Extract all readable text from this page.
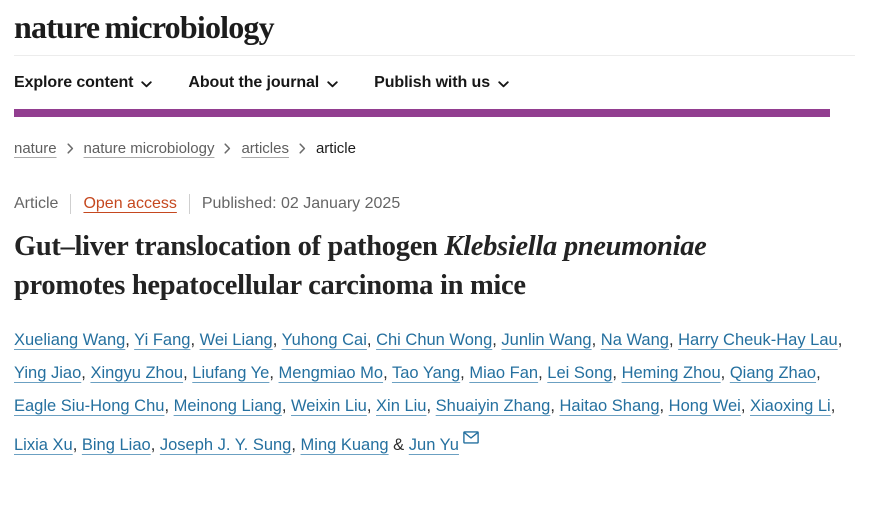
nature microbiology
Explore content	About the journal	Publish with us
nature nature microbiology articles article
Article Open access Published: 02 January 2025
Gut–liver translocation of pathogen Klebsiella pneumoniae promotes hepatocellular carcinoma in mice

Xueliang Wang, Yi Fang, Wei Liang, Yuhong Cai, Chi Chun Wong, Junlin Wang, Na Wang, Harry Cheuk-Hay Lau, Ying Jiao, Xingyu Zhou, Liufang Ye, Mengmiao Mo, Tao Yang, Miao Fan, Lei Song, Heming Zhou, Qiang Zhao, Eagle Siu-Hong Chu, Meinong Liang, Weixin Liu, Xin Liu, Shuaiyin Zhang, Haitao Shang, Hong Wei, Xiaoxing Li, Lixia Xu, Bing Liao, Joseph J. Y. Sung, Ming Kuang & Jun Yu
